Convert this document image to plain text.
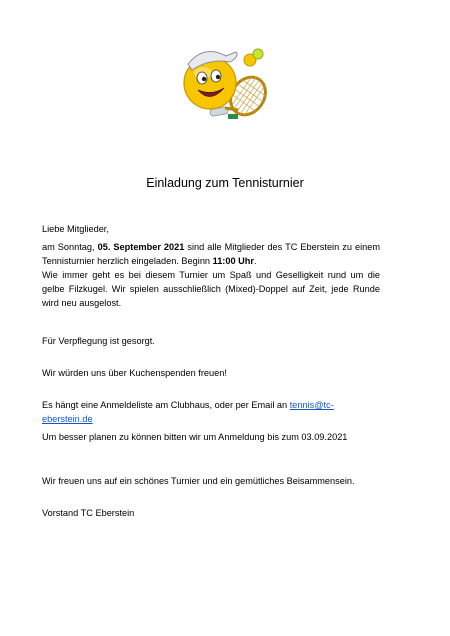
Einladung zum Tennisturnier

Liebe Mitglieder,

am Sonntag, 05. September 2021 sind alle Mitglieder des TC Eberstein zu einem Tennisturnier herzlich eingeladen. Beginn 11:00 Uhr.

Wie immer geht es bei diesem Turnier um Spaß und Geselligkeit rund um die gelbe Filzkugel. Wir spielen ausschließlich (Mixed)-Doppel auf Zeit, jede Runde wird neu ausgelost.

Für Verpflegung ist gesorgt.

Wir würden uns über Kuchenspenden freuen!

Es hängt eine Anmeldeliste am Clubhaus, oder per Email an tennis@tc-eberstein.de

Um besser planen zu können bitten wir um Anmeldung bis zum 03.09.2021

Wir freuen uns auf ein schönes Turnier und ein gemütliches Beisammensein.

Vorstand TC Eberstein
